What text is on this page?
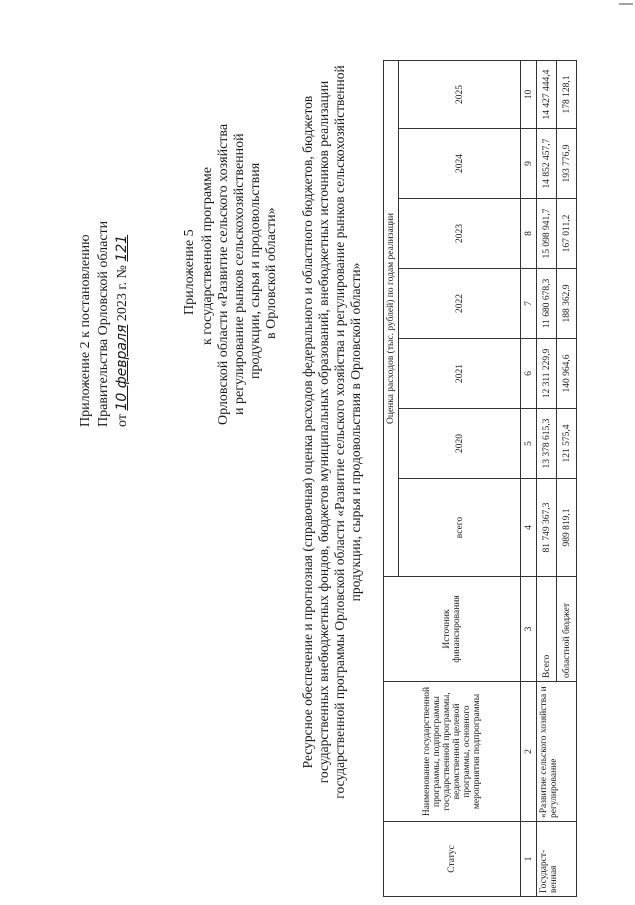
Приложение 2 к постановлению Правительства Орловской области от 10 февраля 2023 г. № 121	Приложение 5 к государственной программе Орловской области «Развитие сельского хозяйства и регулирование рынков сельскохозяйственной продукции, сырья и продовольствия в Орловской области» Ресурсное обеспечение и прогнозная (справочная) оценка расходов федерального и областного бюджетов, бюджетов государственных внебюджетных фондов, бюджетов муниципальных образований, внебюджетных источников реализации государственной программы Орловской области «Развитие сельского хозяйства и регулирование рынков сельскохозяйственной продукции, сырья и продовольствия в Орловской области»
Статус	Наименование государственной программы, подпрограммы государственной программы, ведомственной целевой программы, основного мероприятия подпрограммы	Источник финансирования	Оценка расходов (тыс. рублей) по годам реализации						
			всего	2020	2021	2022	2023	2024	2025
1	2	3	4	5	6	7	8	9	10
Государст-венная	«Развитие сельского хозяйства и регулирование	Всего	81 749 367,3	13 378 615,3	12 311 229,9	11 680 678,3	15 098 941,7	14 852 457,7	14 427 444,4
		областной бюджет	989 819,1	121 575,4	140 964,6	188 362,9	167 011,2	193 776,9	178 128,1
